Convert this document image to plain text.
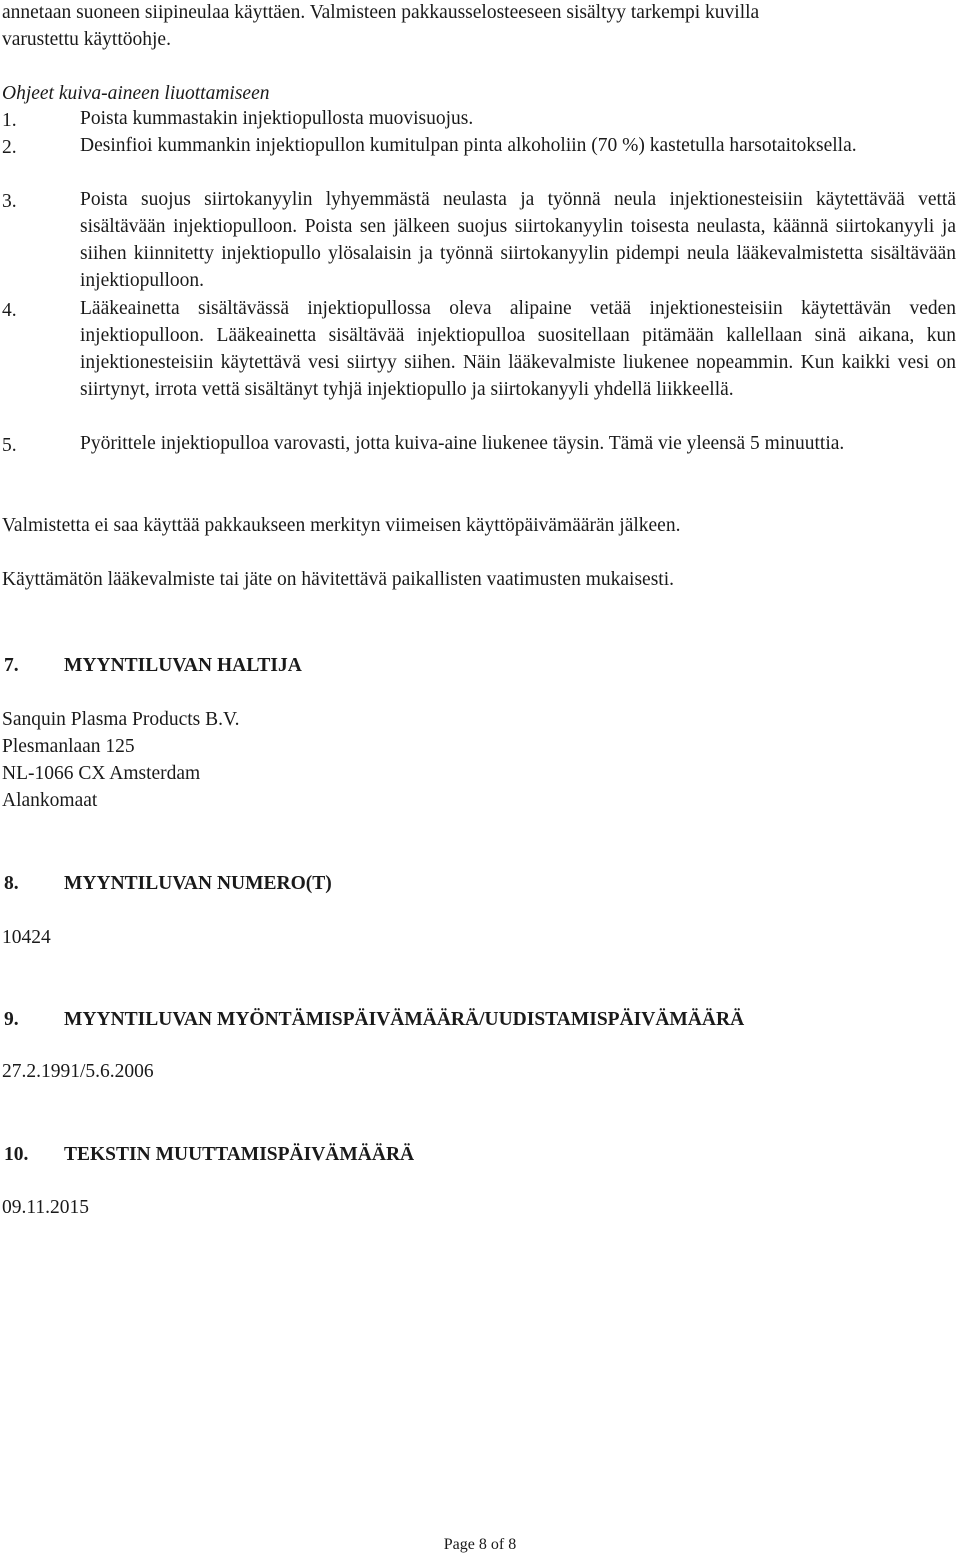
annetaan suoneen siipineulaa käyttäen. Valmisteen pakkausselosteeseen sisältyy tarkempi kuvilla
varustettu käyttöohje.
Ohjeet kuiva-aineen liuottamiseen
1.	Poista kummastakin injektiopullosta muovisuojus.
2.	Desinfioi kummankin injektiopullon kumitulpan pinta alkoholiin (70 %) kastetulla harsotaitoksella.
3.	Poista suojus siirtokanyylin lyhyemmästä neulasta ja työnnä neula injektionesteisiin käytettävää vettä sisältävään injektiopulloon. Poista sen jälkeen suojus siirtokanyylin toisesta neulasta, käännä siirtokanyyli ja siihen kiinnitetty injektiopullo ylösalaisin ja työnnä siirtokanyylin pidempi neula lääkevalmistetta sisältävään injektiopulloon.
4.	Lääkeainetta sisältävässä injektiopullossa oleva alipaine vetää injektionesteisiin käytettävän veden injektiopulloon. Lääkeainetta sisältävää injektiopulloa suositellaan pitämään kallellaan sinä aikana, kun injektionesteisiin käytettävä vesi siirtyy siihen. Näin lääkevalmiste liukenee nopeammin. Kun kaikki vesi on siirtynyt, irrota vettä sisältänyt tyhjä injektiopullo ja siirtokanyyli yhdellä liikkeellä.
5.	Pyörittele injektiopulloa varovasti, jotta kuiva-aine liukenee täysin. Tämä vie yleensä 5 minuuttia.
Valmistetta ei saa käyttää pakkaukseen merkityn viimeisen käyttöpäivämäärän jälkeen.
Käyttämätön lääkevalmiste tai jäte on hävitettävä paikallisten vaatimusten mukaisesti.
7. MYYNTILUVAN HALTIJA
Sanquin Plasma Products B.V.
Plesmanlaan 125
NL-1066 CX Amsterdam
Alankomaat
8. MYYNTILUVAN NUMERO(T)
10424
9. MYYNTILUVAN MYÖNTÄMISPÄIVÄMÄÄRÄ/UUDISTAMISPÄIVÄMÄÄRÄ
27.2.1991/5.6.2006
10. TEKSTIN MUUTTAMISPÄIVÄMÄÄRÄ
09.11.2015
Page 8 of 8
